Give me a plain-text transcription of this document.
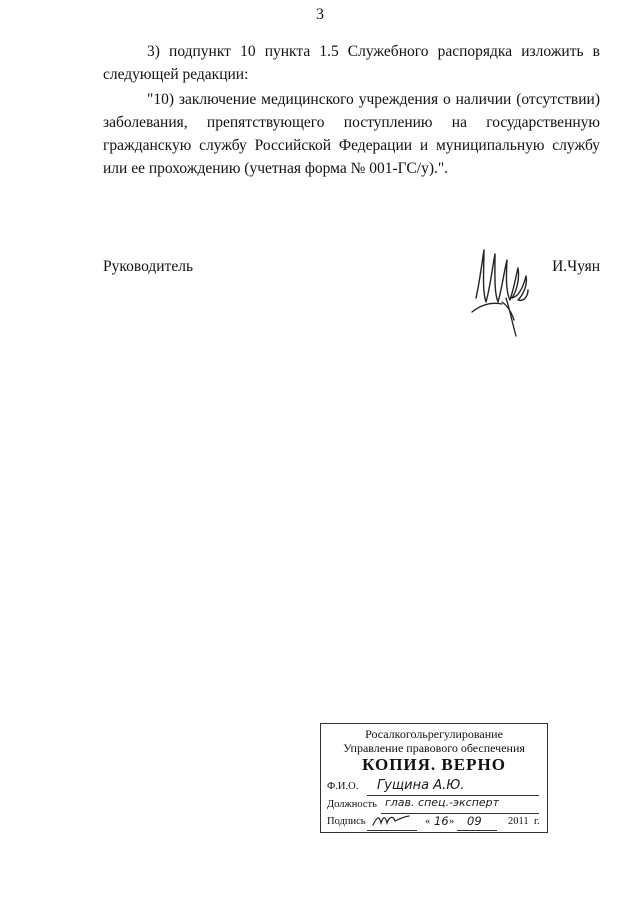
3

3) подпункт 10 пункта 1.5 Служебного распорядка изложить в следующей редакции:

"10) заключение медицинского учреждения о наличии (отсутствии) заболевания, препятствующего поступлению на государственную гражданскую службу Российской Федерации и муниципальную службу или ее прохождению (учетная форма № 001-ГС/у).".

Руководитель	И.Чуян
Росалкогольрегулирование
Управление правового обеспечения
КОПИЯ. ВЕРНО
Ф.И.О. Гущина А.Ю.
Должность глав. спец.-эксперт
Подпись	« 16 » 09	2011 г.
